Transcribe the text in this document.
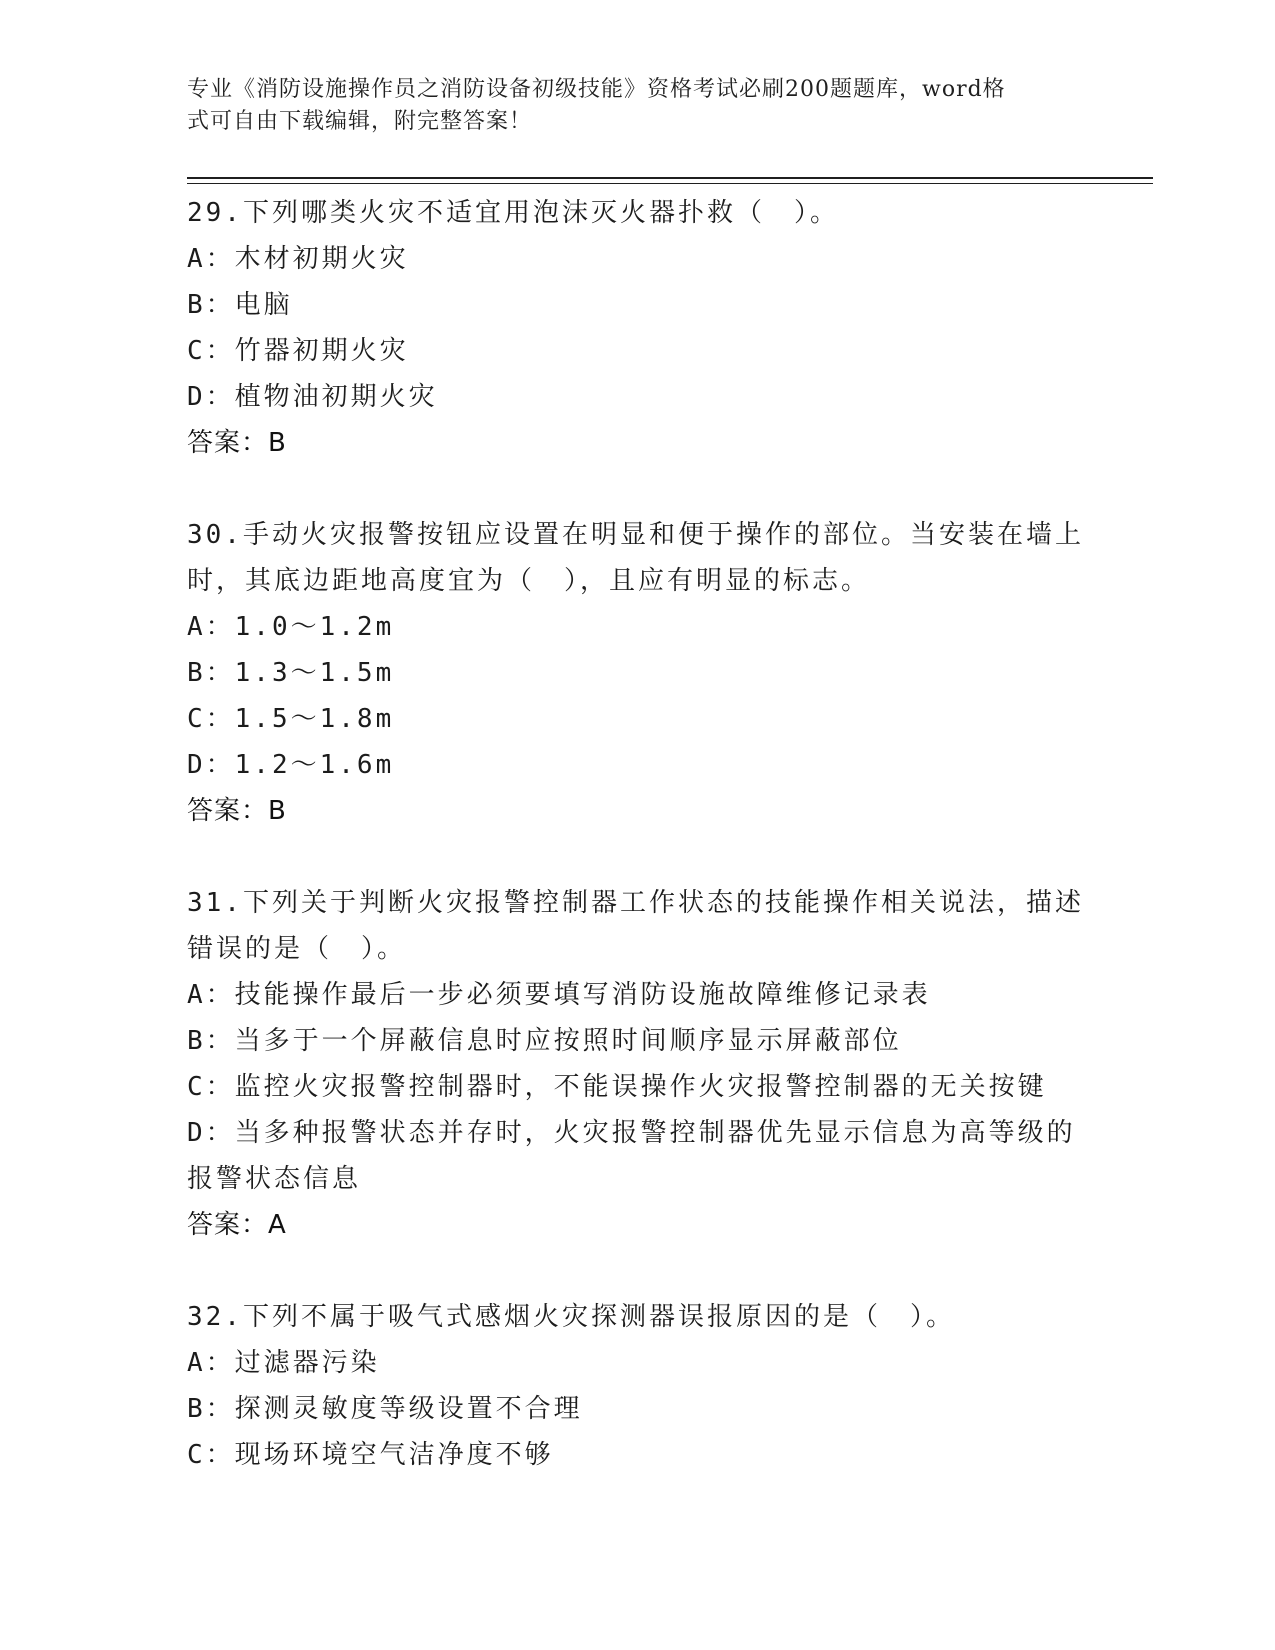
专业《消防设施操作员之消防设备初级技能》资格考试必刷200题题库，word格
式可自由下载编辑，附完整答案！
29.下列哪类火灾不适宜用泡沫灭火器扑救（　）。
A：木材初期火灾
B：电脑
C：竹器初期火灾
D：植物油初期火灾
答案：B
30.手动火灾报警按钮应设置在明显和便于操作的部位。当安装在墙上
时，其底边距地高度宜为（　），且应有明显的标志。
A：1.0～1.2m
B：1.3～1.5m
C：1.5～1.8m
D：1.2～1.6m
答案：B
31.下列关于判断火灾报警控制器工作状态的技能操作相关说法，描述
错误的是（　）。
A：技能操作最后一步必须要填写消防设施故障维修记录表
B：当多于一个屏蔽信息时应按照时间顺序显示屏蔽部位
C：监控火灾报警控制器时，不能误操作火灾报警控制器的无关按键
D：当多种报警状态并存时，火灾报警控制器优先显示信息为高等级的
报警状态信息
答案：A
32.下列不属于吸气式感烟火灾探测器误报原因的是（　）。
A：过滤器污染
B：探测灵敏度等级设置不合理
C：现场环境空气洁净度不够
